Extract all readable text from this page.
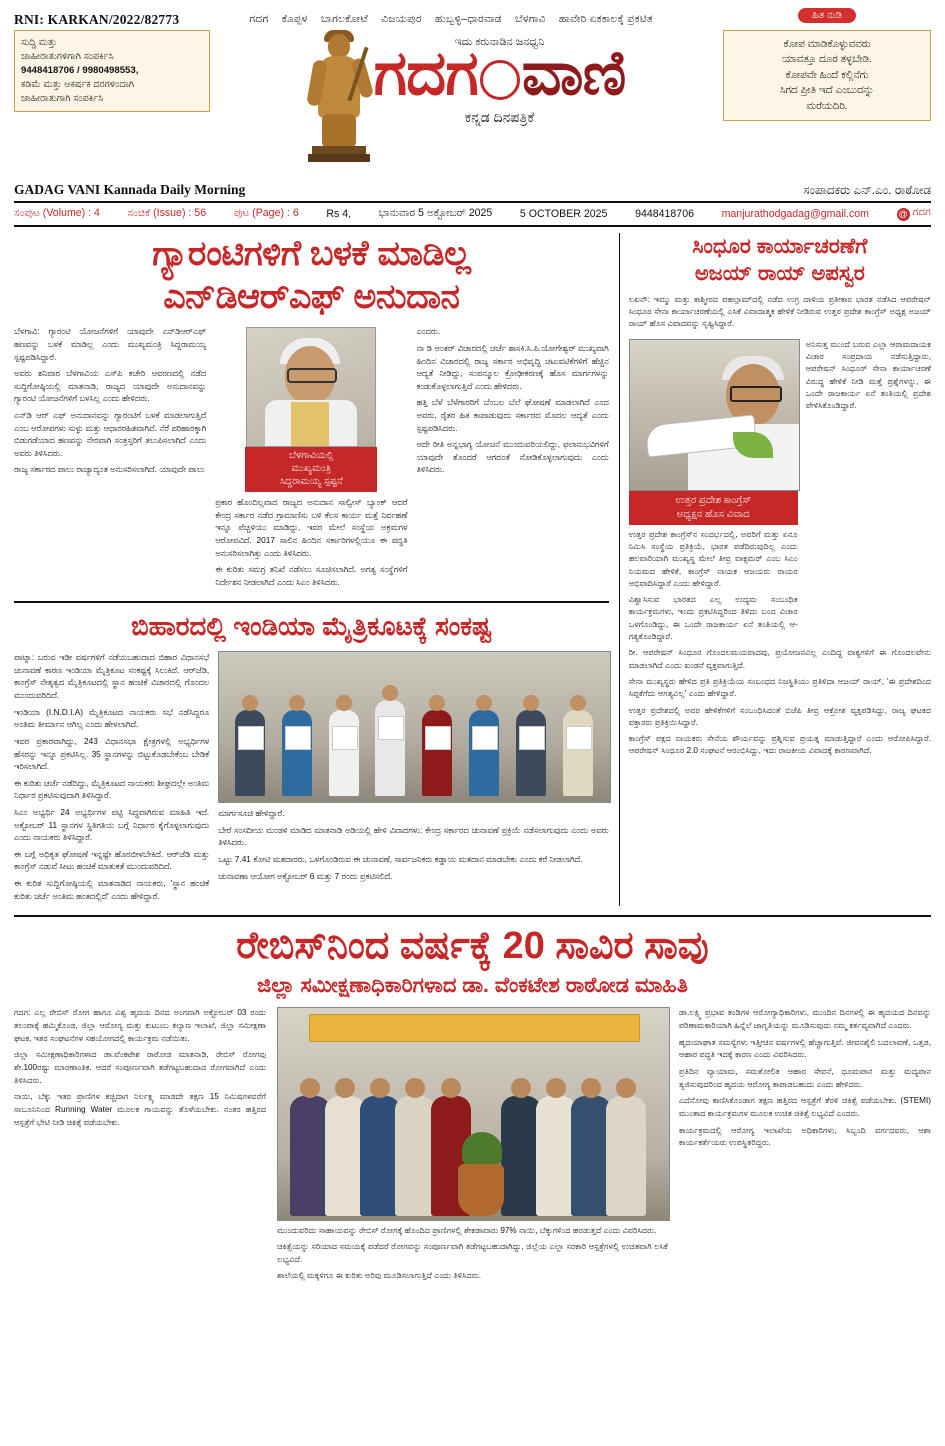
RNI: KARKAN/2022/82773	ಗದಗ ಕೊಪ್ಪಳ ಬಾಗಲಕೋಟೆ ವಿಜಯಪುರ ಹುಬ್ಬಳ್ಳಿ–ಧಾರವಾಡ ಬೆಳಗಾವಿ ಹಾವೇರಿ ಏಕಕಾಲಕ್ಕೆ ಪ್ರಕಟಿತ	ಹಿತ ನುಡಿ
ಸುದ್ದಿ ಮತ್ತು
ಜಾಹೀರಾತುಗಳಿಗಾಗಿ ಸಂಪರ್ಕಿಸಿ
9448418706 / 9980498553,
ಕಡಿಮೆ ಮತ್ತು ಆಕರ್ಷಕ ದರಗಳಿಂದಾಗಿ
ಜಾಹೀರಾತುಗಾಗಿ ಸಂಪರ್ಕಿಸಿ
ಇದು ಕರುನಾಡಿನ ಜನಧ್ವನಿ
ಗದಗ ವಾಣಿ
ಕನ್ನಡ ದಿನಪತ್ರಿಕೆ
ಕೋಪ ಮಾಡಿಕೊಳ್ಳುವವರು
ಯಾವತ್ತೂ ದೂರ ತಳ್ಳಬೇಡಿ.
ಕೋಪವೇ ಹಿಂದೆ ಕಲ್ಲಿನೆಗು
ಸಿಗದ ಪ್ರೀತಿ ಇದೆ ಎಂಬುದನ್ನು
ಮರೆಯದಿರಿ.
GADAG VANI Kannada Daily Morning	ಸಂಪಾದಕರು ಎನ್.ಎಂ. ರಾಠೋಡ
ಸಂಪುಟ (Volume) : 4	ಸಂಚಿಕೆ (Issue) : 56	ಪುಟ (Page) : 6	Rs 4,	ಭಾನುವಾರ 5 ಅಕ್ಟೋಬರ್ 2025	5 OCTOBER 2025	9448418706	manjurathodgadag@gmail.com	@ ಗದಗ
ಗ್ಯಾರಂಟಿಗಳಿಗೆ ಬಳಕೆ ಮಾಡಿಲ್ಲ
ಎನ್‌ಡಿಆರ್‌ಎಫ್ ಅನುದಾನ

ಬೆಳಗಾವಿ: ಗ್ಯಾರಂಟಿ ಯೋಜನೆಗಳಿಗೆ ಯಾವುದೇ ಎನ್‌ಡಿಆರ್‌ಎಫ್ ಹಣವನ್ನು ಬಳಕೆ ಮಾಡಿಲ್ಲ ಎಂದು ಮುಖ್ಯಮಂತ್ರಿ ಸಿದ್ದರಾಮಯ್ಯ ಸ್ಪಷ್ಟಪಡಿಸಿದ್ದಾರೆ.

ಅವರು ಶನಿವಾರ ಬೆಳಗಾವಿಯ ಎಸ್‌ಪಿ ಕಚೇರಿ ಆವರಣದಲ್ಲಿ ನಡೆದ ಸುದ್ದಿಗೋಷ್ಠಿಯಲ್ಲಿ ಮಾತನಾಡಿ, ರಾಜ್ಯದ ಯಾವುದೇ ಅನುದಾನವನ್ನು ಗ್ಯಾರಂಟಿ ಯೋಜನೆಗಳಿಗೆ ಬಳಸಿಲ್ಲ ಎಂದು ಹೇಳಿದರು.

ಎನ್‌ಡಿ ಆರ್ ಎಫ್ ಅನುದಾನವನ್ನು ಗ್ಯಾರಂಟಿಗೆ ಬಳಕೆ ಮಾಡಲಾಗುತ್ತಿದೆ ಎಂಬ ಆರೋಪಗಳು ಸುಳ್ಳು ಮತ್ತು ಆಧಾರರಹಿತವಾಗಿವೆ. ನೆರೆ ಪರಿಹಾರಕ್ಕಾಗಿ ಬಿಡುಗಡೆಯಾದ ಹಣವನ್ನು ನೇರವಾಗಿ ಸಂತ್ರಸ್ತರಿಗೆ ತಲುಪಿಸಲಾಗಿದೆ ಎಂದು ಅವರು ತಿಳಿಸಿದರು.

ರಾಜ್ಯ ಸರ್ಕಾರದ ಪಾಲು ರಾಜ್ಯಾದ್ಯಂತ ಅನುಸರಿಸಲಾಗಿದೆ. ಯಾವುದೇ ಪಾಲು

ಬೆಳಗಾವಿಯಲ್ಲಿ
ಮುಖ್ಯಮಂತ್ರಿ
ಸಿದ್ದರಾಮಯ್ಯ ಸ್ಪಷ್ಟನೆ

ಪ್ರಕಾರ ಹೊಂದಿಲ್ಲವಾದ ರಾಜ್ಯದ ಅನುದಾನ ಸಾಲ್ವೀಸ್ ಬ್ಯಾಂಕ್ ಆದರೆ ಕೇಂದ್ರ ಸರ್ಕಾರ ನಡೆದ ಗ್ರಾಮಾಣಿಸು ಬಳಿ ಕೆಲಸ ಕಾರ್ಯ ಮತ್ತೆ ನಿರ್ವಹಣೆ ಇನ್ನೂ ಪೆಚ್ಚಳಿಯು ಮಾಡಿದ್ದು, ಇವರ ಮೇಲೆ ಸಂಸ್ಥೆಯ ಅಕ್ರಮಗಳ ಆರೋಪವಿದೆ. 2017 ಸಾಲಿನ ಹಿಂದಿನ ಸರ್ಕಾರಿಗಳಲ್ಲಿಯೂ ಈ ಪದ್ಧತಿ ಅನುಸರಿಸಲಾಗಿತ್ತು ಎಂದು ತಿಳಿಸಿದರು.

ಈ ಕುರಿತು ಸಮಗ್ರ ತನಿಖೆ ನಡೆಸಲು ಸೂಚಿಸಲಾಗಿದೆ. ಅಗತ್ಯ ಸಂಸ್ಥೆಗಳಿಗೆ ನಿರ್ದೇಶನ ನೀಡಲಾಗಿದೆ ಎಂದು ಸಿಎಂ ತಿಳಿಸಿದರು.

ಎಂದರು.

ನಾ ಡಿ ಅಂತರ್ ವಿಚಾರದಲ್ಲಿ ಚರ್ಚೆ ಶಾಸಕಿ.ಸಿ.ಪಿ.ಯೋಗೇಶ್ವರ್ ಮುಖ್ಯವಾಗಿ ಹಿಂದಿನ ವಿಚಾರದಲ್ಲಿ ರಾಜ್ಯ ಸರ್ಕಾರ ಅಭಿವೃದ್ಧಿ ಚಟುವಟಿಕೆಗಳಿಗೆ ಹೆಚ್ಚಿನ ಆದ್ಯತೆ ನೀಡಿದ್ದು, ಸಂಪನ್ಮೂಲ ಕ್ರೋಢೀಕರಣಕ್ಕೆ ಹೊಸ ಮಾರ್ಗಗಳನ್ನು ಕಂಡುಕೊಳ್ಳಲಾಗುತ್ತಿದೆ ಎಂದು ಹೇಳಿದರು.

ಹತ್ತಿ ಬೆಳೆ ಬೆಳೆಗಾರರಿಗೆ ಬೆಂಬಲ ಬೆಲೆ ಘೋಷಣೆ ಮಾಡಲಾಗಿದೆ ಎಂದ ಅವರು, ರೈತರ ಹಿತ ಕಾಪಾಡುವುದು ಸರ್ಕಾರದ ಮೊದಲ ಆದ್ಯತೆ ಎಂದು ಸ್ಪಷ್ಟಪಡಿಸಿದರು.

ಅದೇ ರೀತಿ ಅನ್ನಭಾಗ್ಯ ಯೋಜನೆ ಮುಂದುವರಿಯಲಿದ್ದು, ಫಲಾನುಭವಿಗಳಿಗೆ ಯಾವುದೇ ತೊಂದರೆ ಆಗದಂತೆ ನೋಡಿಕೊಳ್ಳಲಾಗುವುದು ಎಂದು ತಿಳಿಸಿದರು.

ಬಿಹಾರದಲ್ಲಿ ಇಂಡಿಯಾ ಮೈತ್ರಿಕೂಟಕ್ಕೆ ಸಂಕಷ್ಟ

ಪಾಟ್ನಾ: ಬರುವ ಇಡೀ ವರ್ಷಗಳಿಗೆ ನಡೆಯಬಹುದಾದ ಬಿಹಾರ ವಿಧಾನಸಭೆ ಚುನಾವಣೆ ಕಾರಣ ಇಂಡಿಯಾ ಮೈತ್ರಿಕೂಟ ಸಂಕಷ್ಟಕ್ಕೆ ಸಿಲುಕಿದೆ. ಆರ್‌ಜೆಡಿ, ಕಾಂಗ್ರೆಸ್ ನೇತೃತ್ವದ ಮೈತ್ರಿಕೂಟದಲ್ಲಿ ಸ್ಥಾನ ಹಂಚಿಕೆ ವಿಚಾರದಲ್ಲಿ ಗೊಂದಲ ಮುಂದುವರಿದಿದೆ.

ಇಂಡಿಯಾ (I.N.D.I.A) ಮೈತ್ರಿಕೂಟದ ನಾಯಕರು ಸಭೆ ನಡೆಸಿದ್ದರೂ ಅಂತಿಮ ತೀರ್ಮಾನ ಆಗಿಲ್ಲ ಎಂದು ಹೇಳಲಾಗಿದೆ.

ಇವರ ಪ್ರಕಾರವಾಗಿದ್ದು, 243 ವಿಧಾನಸಭಾ ಕ್ಷೇತ್ರಗಳಲ್ಲಿ ಅಭ್ಯರ್ಥಿಗಳ ಹೆಸರನ್ನು ಇನ್ನೂ ಪ್ರಕಟಿಸಿಲ್ಲ. 35 ಸ್ಥಾನಗಳನ್ನು ಬಿಟ್ಟುಕೊಡಬೇಕೆಂಬ ಬೇಡಿಕೆ ಇರಿಸಲಾಗಿದೆ.

ಈ ಕುರಿತು ಚರ್ಚೆ ನಡೆದಿದ್ದು, ಮೈತ್ರಿಕೂಟದ ನಾಯಕರು ಶೀಘ್ರದಲ್ಲೇ ಅಂತಿಮ ನಿರ್ಧಾರ ಪ್ರಕಟಿಸುವುದಾಗಿ ತಿಳಿಸಿದ್ದಾರೆ.

ಸಿಎಂ ಅಭ್ಯರ್ಥಿ 24 ಅಭ್ಯರ್ಥಿಗಳ ಪಟ್ಟಿ ಸಿದ್ಧವಾಗಿರುವ ಮಾಹಿತಿ ಇದೆ. ಅಕ್ಟೋಬರ್ 11 ಸ್ಥಾನಗಳ ಸ್ಥಿತಿಗತಿಯ ಬಗ್ಗೆ ನಿರ್ಧಾರ ಕೈಗೊಳ್ಳಲಾಗುವುದು ಎಂದು ನಾಯಕರು ತಿಳಿಸಿದ್ದಾರೆ.

ಈ ಬಗ್ಗೆ ಅಧಿಕೃತ ಘೋಷಣೆ ಇನ್ನಷ್ಟೇ ಹೊರಬೀಳಬೇಕಿದೆ. ಆರ್‌ಜೆಡಿ ಮತ್ತು ಕಾಂಗ್ರೆಸ್ ನಡುವೆ ಸೀಟು ಹಂಚಿಕೆ ಮಾತುಕತೆ ಮುಂದುವರಿದಿದೆ.

ಈ ಕುರಿತ ಸುದ್ದಿಗೋಷ್ಠಿಯಲ್ಲಿ ಮಾತನಾಡಿದ ನಾಯಕರು, 'ಸ್ಥಾನ ಹಂಚಿಕೆ ಕುರಿತು ಚರ್ಚೆ ಅಂತಿಮ ಹಂತದಲ್ಲಿದೆ' ಎಂದು ಹೇಳಿದ್ದಾರೆ.

ಮಾರ್ಗಸೂಚಿ ಹೇಳಿದ್ದಾರೆ.

ಬೇರೆ ಸಂಸದೀಯ ಮಂಡಳಿ ಮಾಡಿದ ಮಾತನಾಡಿ ಅಡಿಯಲ್ಲಿ ಹೇಳಿ ವಿವಾದಗಳು: ಕೇಂದ್ರ ಸರ್ಕಾರದ ಚುನಾವಣೆ ಪ್ರಕ್ರಿಯೆ ನಡೆಸಲಾಗುವುದು ಎಂದು ಅವರು ತಿಳಿಸಿದರು.

ಒಟ್ಟು 7.41 ಕೋಟಿ ಮತದಾರರು, ಒಳಗೊಂಡಿರುವ ಈ ಚುನಾವಣೆ, ಸಾರ್ವಜನಿಕರು ಕಡ್ಡಾಯ ಮತದಾನ ಮಾಡಬೇಕು ಎಂದು ಕರೆ ನೀಡಲಾಗಿದೆ.

ಚುನಾವಣಾ ಆಯೋಗ ಅಕ್ಟೋಬರ್ 6 ಮತ್ತು 7 ರಂದು ಪ್ರಕಟಿಸಲಿದೆ.

ಸಿಂಧೂರ ಕಾರ್ಯಾಚರಣೆಗೆ
ಅಜಯ್ ರಾಯ್ ಅಪಸ್ವರ

ಲಖನೌ: ಇಮ್ಮು ಮತ್ತು ಕಾಶ್ಮೀರದ ಪಹಲ್ಗಾಮ್‌ದಲ್ಲಿ ನಡೆದ ಉಗ್ರ ದಾಳಿಯ ಪ್ರತೀಕಾರ ಭಾರತ ನಡೆಸಿದ ಆಪರೇಷನ್ ಸಿಂಧೂರ ಸೇನಾ ಕಾರ್ಯಾಚರಣೆಯಲ್ಲಿ ಎಸಿಕೆ ವಿವಾದಾತ್ಮಕ ಹೇಳಿಕೆ ನೀಡಿರುವ ಉತ್ತರ ಪ್ರದೇಶ ಕಾಂಗ್ರೆಸ್ ಅಧ್ಯಕ್ಷ ಅಜಯ್ ರಾಯ್ ಹೊಸ ವಿವಾದವನ್ನು ಸೃಷ್ಟಿಸಿದ್ದಾರೆ.

ಉತ್ತರ ಪ್ರದೇಶ ಕಾಂಗ್ರೆಸ್
ಅಧ್ಯಕ್ಷನ ಹೊಸ ವಿವಾದ

ಉತ್ತರ ಪ್ರದೇಶ ಕಾಂಗ್ರೆಸ್‌ನ ಸಂದರ್ಭದಲ್ಲಿ, ಅವರಿಗೆ ಮತ್ತು ಏನೂ ನಿಮಿಸಿ ಸಂಸ್ಥೆಯ ಪ್ರತಿಕ್ರಿಯೆ, ಭಾರತ ಪಡೆದಿರುವುದಿಲ್ಲ ಎಂದು ಹಲವಾರಿಯಾಗಿ ಮುಖ್ಯಸ್ಥ ಮೇಲೆ ತೀವ್ರ ವಾಕ್ಸಮರ್ ಎಂಬ ಸಿಎಂ ನಿಯಮದ ಹೇಳಿಕೆ, ಕಾಂಗ್ರೆಸ್ ನಾಯಕ ಆಜಯರು ರಾಯರ ಅಭಿವಾದಿಸಿದ್ದಾರೆ ಎಂದು ಹೇಳಿದ್ದಾರೆ.

ವಿಶ್ವಾಸಿಸುವ ಭಾರತದ ಎಲ್ಲ ಉದ್ಯಮ ಸಂಬಂಧಿತ ಕಾರ್ಯಕ್ರಮಗಳು, ಇಂದು ಪ್ರಕಟಿಸಿದ್ದರಿಂದ ತಿಳಿದು ಬಂದ ವಿಚಾರ ಒಳಗೊಂಡಿದ್ದು, ಈ ಒಂದೇ ರಾಜಕಾರ್ಯ ಏನೆ ತಂತಿಯಲ್ಲಿ ಆ-ಗತ್ಯಕೊಂಡಿದ್ದಾರೆ.

ಅನಿಸುತ್ತ ಮುಂದೆ ಬರುವ ಎಲ್ಲಾ ಆರಾಮದಾಯಕ ವಿಚಾರ ಸಂಪ್ರದಾಯ ನಡೆಸುತ್ತಿದ್ದಾರು, ಆಪರೇಷನ್ ಸಿಂಧೂರ್ ಸೇನಾ ಕಾರ್ಯಾಚರಣೆ ವಿರುದ್ಧ ಹೇಳಿಕೆ ನೀಡಿ ಮತ್ತೆ ಪ್ರಶ್ನೆಗಳನ್ನು, ಈ ಒಂದೇ ರಾಜಕಾರ್ಯ ಏನೆ ತಂತಿಯಲ್ಲಿ ಪ್ರದೇಶ ಪೇಳಿಸಿಕೊಂಡಿದ್ದಾರೆ.

ರೀ. ಆಪರೇಷನ್ ಸಿಂಧೂರ ಗೊಂದಲಮಯವಾದವು, ಪ್ರಯೋಜನವಿಲ್ಲ ಎಂದಿದ್ದ ವಾಕ್ಯಗಳಿಗೆ ಈ ಗೊಂದಲವೇನು ಮಾಡಲಾಗಿದೆ ಎಂದು ಖಂಡನೆ ವ್ಯಕ್ತವಾಗುತ್ತಿದೆ.

ಸೇನಾ ಮುಖ್ಯಸ್ಥರು ಹೇಳಿದ ಪ್ರತಿ ಪ್ರತಿಕ್ರಿಯೆಯ ಸಂಬಂಧದ ನಿಜಸ್ಥಿತಿಯು ಪ್ರತಿಳಿದಾ ಆಜಯ್ ರಾಯ್, 'ಈ ಪ್ರದೇಶದಿಂದ ಸಿಪ್ಪಕೆಗೆದು ಆಗತ್ಯವಿಲ್ಲ' ಎಂದು ಹೇಳಿದ್ದಾರೆ.

ಉತ್ತರ ಪ್ರದೇಶದಲ್ಲಿ ಅವರ ಹೇಳಿಕೆಗಳಿಗೆ ಸಂಬಂಧಿಸಿದಂತೆ ಬಿಜೆಪಿ ತೀವ್ರ ಆಕ್ರೋಶ ವ್ಯಕ್ತಪಡಿಸಿದ್ದು, ರಾಜ್ಯ ಘಟಕದ ವಕ್ತಾರರು ಪ್ರತಿಕ್ರಿಯಿಸಿದ್ದಾರೆ.

ಕಾಂಗ್ರೆಸ್ ಪಕ್ಷದ ನಾಯಕರು ಸೇನೆಯ ಶೌರ್ಯವನ್ನು ಪ್ರಶ್ನಿಸುವ ಪ್ರಯತ್ನ ಮಾಡುತ್ತಿದ್ದಾರೆ ಎಂದು ಆರೋಪಿಸಿದ್ದಾರೆ. ಆಪರೇಷನ್ ಸಿಂಧೂರ 2.0 ಸಂಘಟನೆ ಆರಂಭಿಸಿದ್ದು, ಇದು ರಾಜಕೀಯ ವಿವಾದಕ್ಕೆ ಕಾರಣವಾಗಿದೆ.

ರೇಬಿಸ್‌ನಿಂದ ವರ್ಷಕ್ಕೆ 20 ಸಾವಿರ ಸಾವು
ಜಿಲ್ಲಾ ಸಮೀಕ್ಷಣಾಧಿಕಾರಿಗಳಾದ ಡಾ. ವೆಂಕಟೇಶ ರಾಠೋಡ ಮಾಹಿತಿ

ಗದಗ: ಎಲ್ಲ ರೇಬಿಸ್ ರೋಗ ಹಾಗೂ ವಿಶ್ವ ಹೃದಯ ದಿನದ ಅಂಗವಾಗಿ ಅಕ್ಟೋಬರ್ 03 ರಂದು ತಲುಪಾಕ್ಕೆ ಹಮ್ಮಿಕೊಂಡ, ಜಿಲ್ಲಾ ಆರೋಗ್ಯ ಮತ್ತು ಕುಟುಂಬ ಕಲ್ಯಾಣ ಇಲಾಖೆ, ಜಿಲ್ಲಾ ಸಮೀಕ್ಷಣಾ ಘಟಕ, ಇತರ ಸಂಘಟನೆಗಳ ಸಹಯೋಗದಲ್ಲಿ ಕಾರ್ಯಕ್ರಮ ನಡೆಯಿತು.

ಜಿಲ್ಲಾ ಸಮೀಕ್ಷಣಾಧಿಕಾರಿಗಳಾದ ಡಾ.ವೆಂಕಟೇಶ ರಾಠೋಡ ಮಾತನಾಡಿ, ರೇಬಿಸ್ ರೋಗವು ಶೇ.100ರಷ್ಟು ಮಾರಣಾಂತಿಕ. ಆದರೆ ಸಂಪೂರ್ಣವಾಗಿ ತಡೆಗಟ್ಟಬಹುದಾದ ರೋಗವಾಗಿದೆ ಎಂದು ತಿಳಿಸಿದರು.

ನಾಯಿ, ಬೆಕ್ಕು ಇತರ ಪ್ರಾಣಿಗಳ ಕಚ್ಚಿದಾಗ ನಿರ್ಲಕ್ಷ್ಯ ಮಾಡದೇ ತಕ್ಷಣ 15 ನಿಮಿಷಗಳವರೆಗೆ ಸಾಬೂನಿನಿಂದ Running Water ಮೂಲಕ ಗಾಯವನ್ನು ತೊಳೆಯಬೇಕು. ನಂತರ ಹತ್ತಿರದ ಆಸ್ಪತ್ರೆಗೆ ಭೇಟಿ ನೀಡಿ ಚಿಕಿತ್ಸೆ ಪಡೆಯಬೇಕು.

ಮುಂದುವರಿದು ಸಾಹಾಯವನ್ನು ರೇಬಿಸ್ ರೋಗಕ್ಕೆ ಹೊಂದಿದ ಪ್ರಾಣಿಗಳಲ್ಲಿ ಶೇಕಡಾವಾರು 97% ನಾಯಿ, ಬೆಕ್ಕುಗಳಿಂದ ಹರಡುತ್ತದೆ ಎಂದು ವಿವರಿಸಿದರು.

ಚಿಕಿತ್ಸೆಯನ್ನು ಸರಿಯಾದ ಸಮಯಕ್ಕೆ ಪಡೆದರೆ ರೋಗವನ್ನು ಸಂಪೂರ್ಣವಾಗಿ ತಡೆಗಟ್ಟಬಹುದಾಗಿದ್ದು, ಜಿಲ್ಲೆಯ ಎಲ್ಲಾ ಸರಕಾರಿ ಆಸ್ಪತ್ರೆಗಳಲ್ಲಿ ಉಚಿತವಾಗಿ ಲಸಿಕೆ ಲಭ್ಯವಿದೆ.

ಶಾಲೆಯಲ್ಲಿ ಮಕ್ಕಳಿಗೂ ಈ ಕುರಿತು ಅರಿವು ಮೂಡಿಸಲಾಗುತ್ತಿದೆ ಎಂದು ತಿಳಿಸಿದರು.

ಡಾ.ಲಕ್ಷ್ಮಿ ಪ್ರಭಾವ ತಂಡಿಗಳ ಆರೋಗ್ಯಾಧಿಕಾರಿಗಳು, ಮುಂದಿನ ದಿನಗಳಲ್ಲಿ ಈ ಹೃದಯದ ದಿನವನ್ನು ಪರಿಣಾಮಕಾರಿಯಾಗಿ ಹಿನ್ನೆಲೆ ಜಾಗೃತಿಯನ್ನು ಮೂಡಿಸುವುದು ನಮ್ಮ ಕರ್ತವ್ಯವಾಗಿದೆ ಎಂದರು.

ಹೃದಯಾಘಾತ ಸಮಸ್ಯೆಗಳು ಇತ್ತೀಚಿನ ವರ್ಷಗಳಲ್ಲಿ ಹೆಚ್ಚಾಗುತ್ತಿವೆ. ಜೀವನಶೈಲಿ ಬದಲಾವಣೆ, ಒತ್ತಡ, ಆಹಾರ ಪದ್ಧತಿ ಇದಕ್ಕೆ ಕಾರಣ ಎಂದು ವಿವರಿಸಿದರು.

ಪ್ರತಿದಿನ ವ್ಯಾಯಾಮ, ಸಮತೋಲಿತ ಆಹಾರ ಸೇವನೆ, ಧೂಮಪಾನ ಮತ್ತು ಮದ್ಯಪಾನ ತ್ಯಜಿಸುವುದರಿಂದ ಹೃದಯ ಆರೋಗ್ಯ ಕಾಪಾಡಬಹುದು ಎಂದು ಹೇಳಿದರು.

ಎದೆನೋವು ಕಾಣಿಸಿಕೊಂಡಾಗ ತಕ್ಷಣ ಹತ್ತಿರದ ಆಸ್ಪತ್ರೆಗೆ ತೆರಳಿ ಚಿಕಿತ್ಸೆ ಪಡೆಯಬೇಕು. (STEMI) ಮುಂತಾದ ಕಾರ್ಯಕ್ರಮಗಳ ಮೂಲಕ ಉಚಿತ ಚಿಕಿತ್ಸೆ ಲಭ್ಯವಿದೆ ಎಂದರು.

ಕಾರ್ಯಕ್ರಮದಲ್ಲಿ ಆರೋಗ್ಯ ಇಲಾಖೆಯ ಅಧಿಕಾರಿಗಳು, ಸಿಬ್ಬಂದಿ ವರ್ಗದವರು, ಆಶಾ ಕಾರ್ಯಕರ್ತೆಯರು ಉಪಸ್ಥಿತರಿದ್ದರು.
